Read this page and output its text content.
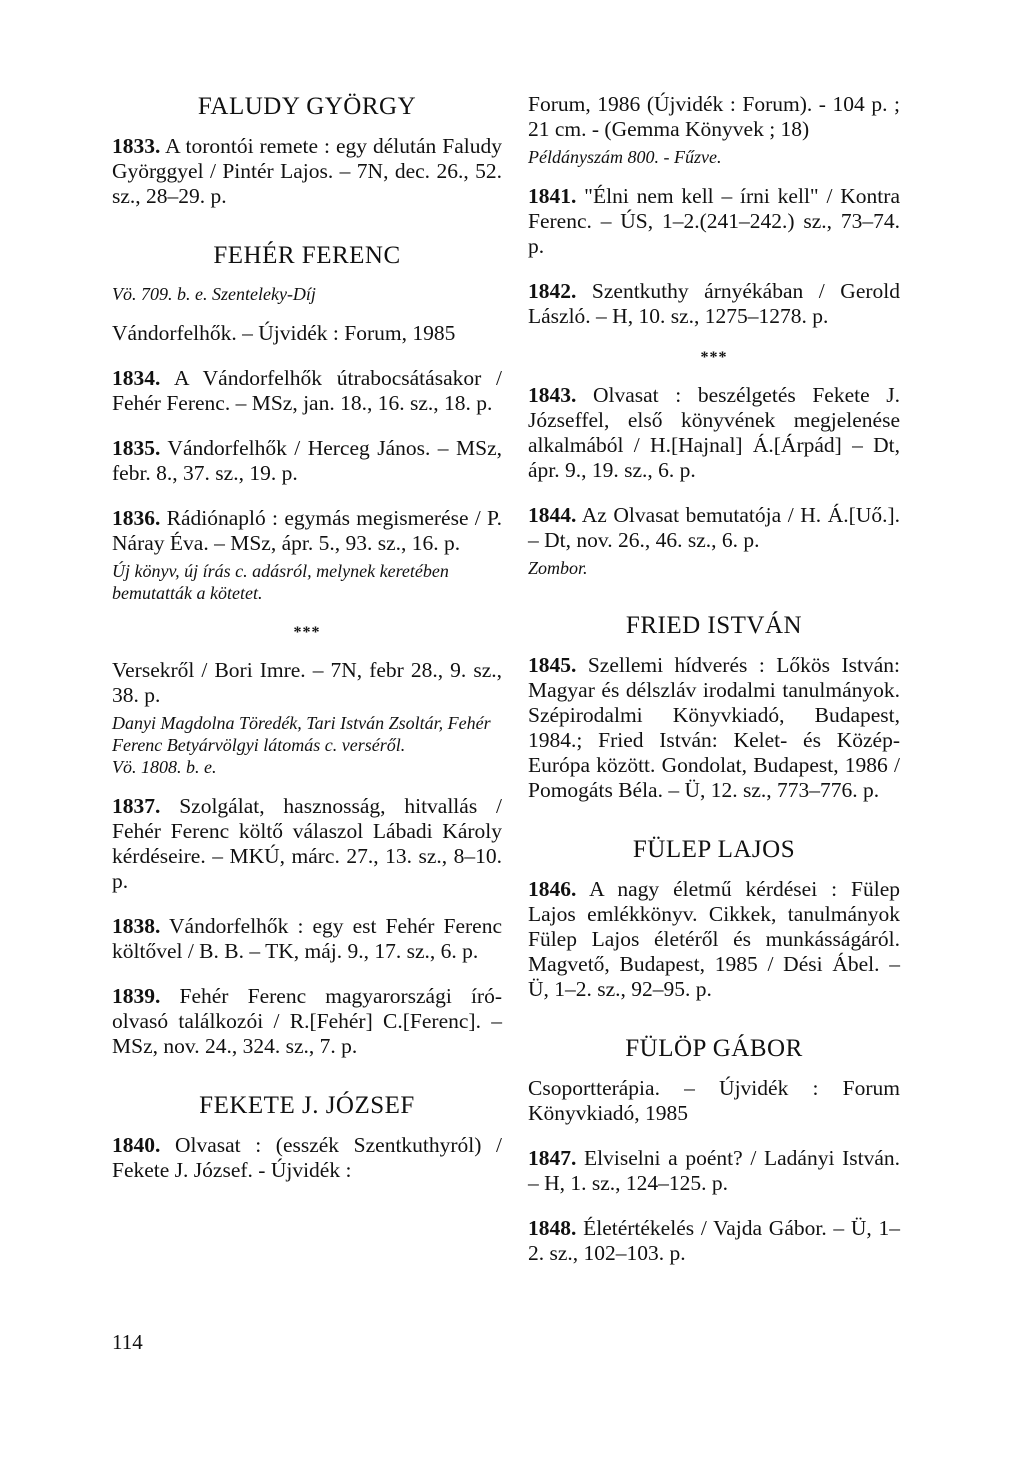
FALUDY GYÖRGY

1833. A torontói remete : egy délután Faludy Györggyel / Pintér Lajos. – 7N, dec. 26., 52. sz., 28–29. p.

FEHÉR FERENC

Vö. 709. b. e. Szenteleky-Díj

Vándorfelhők. – Újvidék : Forum, 1985

1834. A Vándorfelhők útrabocsátásakor / Fehér Ferenc. – MSz, jan. 18., 16. sz., 18. p.

1835. Vándorfelhők / Herceg János. – MSz, febr. 8., 37. sz., 19. p.

1836. Rádiónapló : egymás megismerése / P. Náray Éva. – MSz, ápr. 5., 93. sz., 16. p.

Új könyv, új írás c. adásról, melynek keretében bemutatták a kötetet.

***

Versekről / Bori Imre. – 7N, febr 28., 9. sz., 38. p.

Danyi Magdolna Töredék, Tari István Zsoltár, Fehér Ferenc Betyárvölgyi látomás c. verséről.

Vö. 1808. b. e.

1837. Szolgálat, hasznosság, hitvallás / Fehér Ferenc költő válaszol Lábadi Károly kérdéseire. – MKÚ, márc. 27., 13. sz., 8–10. p.

1838. Vándorfelhők : egy est Fehér Ferenc költővel / B. B. – TK, máj. 9., 17. sz., 6. p.

1839. Fehér Ferenc magyarországi író-olvasó találkozói / R.[Fehér] C.[Ferenc]. – MSz, nov. 24., 324. sz., 7. p.

FEKETE J. JÓZSEF

1840. Olvasat : (esszék Szentkuthyról) / Fekete J. József. - Újvidék :

Forum, 1986 (Újvidék : Forum). - 104 p. ; 21 cm. - (Gemma Könyvek ; 18)

Példányszám 800. - Fűzve.

1841. "Élni nem kell – írni kell" / Kontra Ferenc. – ÚS, 1–2.(241–242.) sz., 73–74. p.

1842. Szentkuthy árnyékában / Gerold László. – H, 10. sz., 1275–1278. p.

***

1843. Olvasat : beszélgetés Fekete J. Józseffel, első könyvének megjelenése alkalmából / H.[Hajnal] Á.[Árpád] – Dt, ápr. 9., 19. sz., 6. p.

1844. Az Olvasat bemutatója / H. Á.[Uő.]. – Dt, nov. 26., 46. sz., 6. p.

Zombor.

FRIED ISTVÁN

1845. Szellemi hídverés : Lőkös István: Magyar és délszláv irodalmi tanulmányok. Szépirodalmi Könyvkiadó, Budapest, 1984.; Fried István: Kelet- és Közép-Európa között. Gondolat, Budapest, 1986 / Pomogáts Béla. – Ü, 12. sz., 773–776. p.

FÜLEP LAJOS

1846. A nagy életmű kérdései : Fülep Lajos emlékkönyv. Cikkek, tanulmányok Fülep Lajos életéről és munkásságáról. Magvető, Budapest, 1985 / Dési Ábel. – Ü, 1–2. sz., 92–95. p.

FÜLÖP GÁBOR

Csoportterápia. – Újvidék : Forum Könyvkiadó, 1985

1847. Elviselni a poént? / Ladányi István. – H, 1. sz., 124–125. p.

1848. Életértékelés / Vajda Gábor. – Ü, 1–2. sz., 102–103. p.

114
